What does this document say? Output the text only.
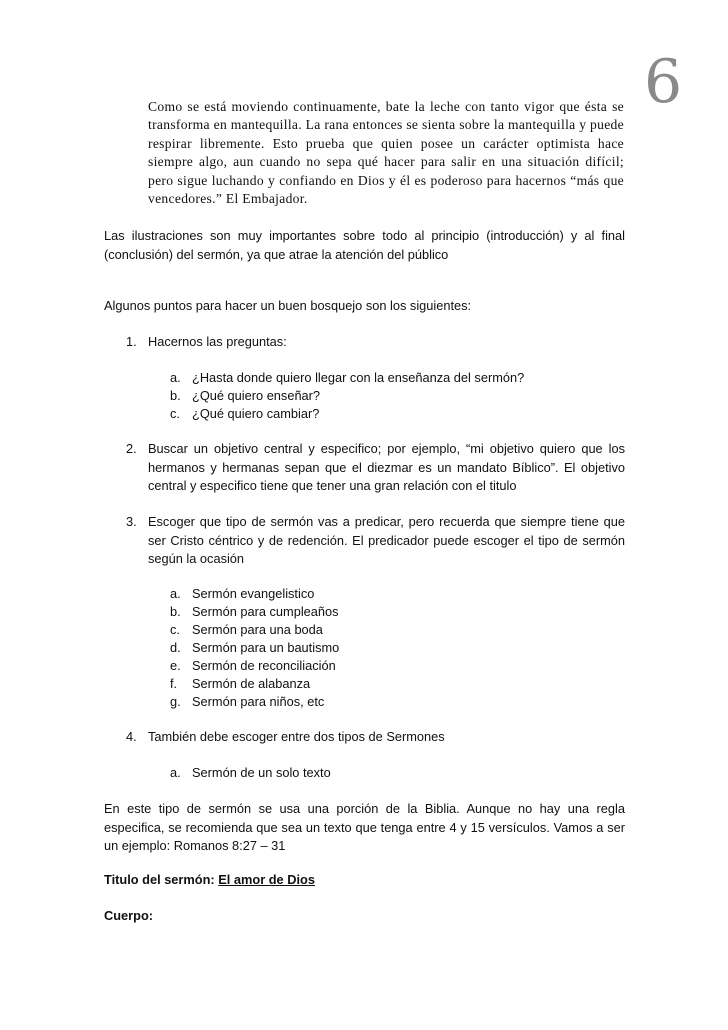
6
Como se está moviendo continuamente, bate la leche con tanto vigor que ésta se transforma en mantequilla. La rana entonces se sienta sobre la mantequilla y puede respirar libremente. Esto prueba que quien posee un carácter optimista hace siempre algo, aun cuando no sepa qué hacer para salir en una situación difícil; pero sigue luchando y confiando en Dios y él es poderoso para hacernos “más que vencedores.” El Embajador.
Las ilustraciones son muy importantes sobre todo al principio (introducción) y al final (conclusión) del sermón, ya que atrae la atención del público
Algunos puntos para hacer un buen bosquejo son los siguientes:
1. Hacernos las preguntas:
a. ¿Hasta donde quiero llegar con la enseñanza del sermón?
b. ¿Qué quiero enseñar?
c. ¿Qué quiero cambiar?
2. Buscar un objetivo central y especifico; por ejemplo, “mi objetivo quiero que los hermanos y hermanas sepan que el diezmar es un mandato Bíblico”. El objetivo central y especifico tiene que tener una gran relación con el titulo
3. Escoger que tipo de sermón vas a predicar, pero recuerda que siempre tiene que ser Cristo céntrico y de redención. El predicador puede escoger el tipo de sermón según la ocasión
a. Sermón evangelistico
b. Sermón para cumpleaños
c. Sermón para una boda
d. Sermón para un bautismo
e. Sermón de reconciliación
f. Sermón de alabanza
g. Sermón para niños, etc
4. También debe escoger entre dos tipos de Sermones
a. Sermón de un solo texto
En este tipo de sermón se usa una porción de la Biblia. Aunque no hay una regla especifica, se recomienda que sea un texto que tenga entre 4 y 15 versículos. Vamos a ser un ejemplo: Romanos 8:27 – 31
Titulo del sermón: El amor de Dios
Cuerpo:
